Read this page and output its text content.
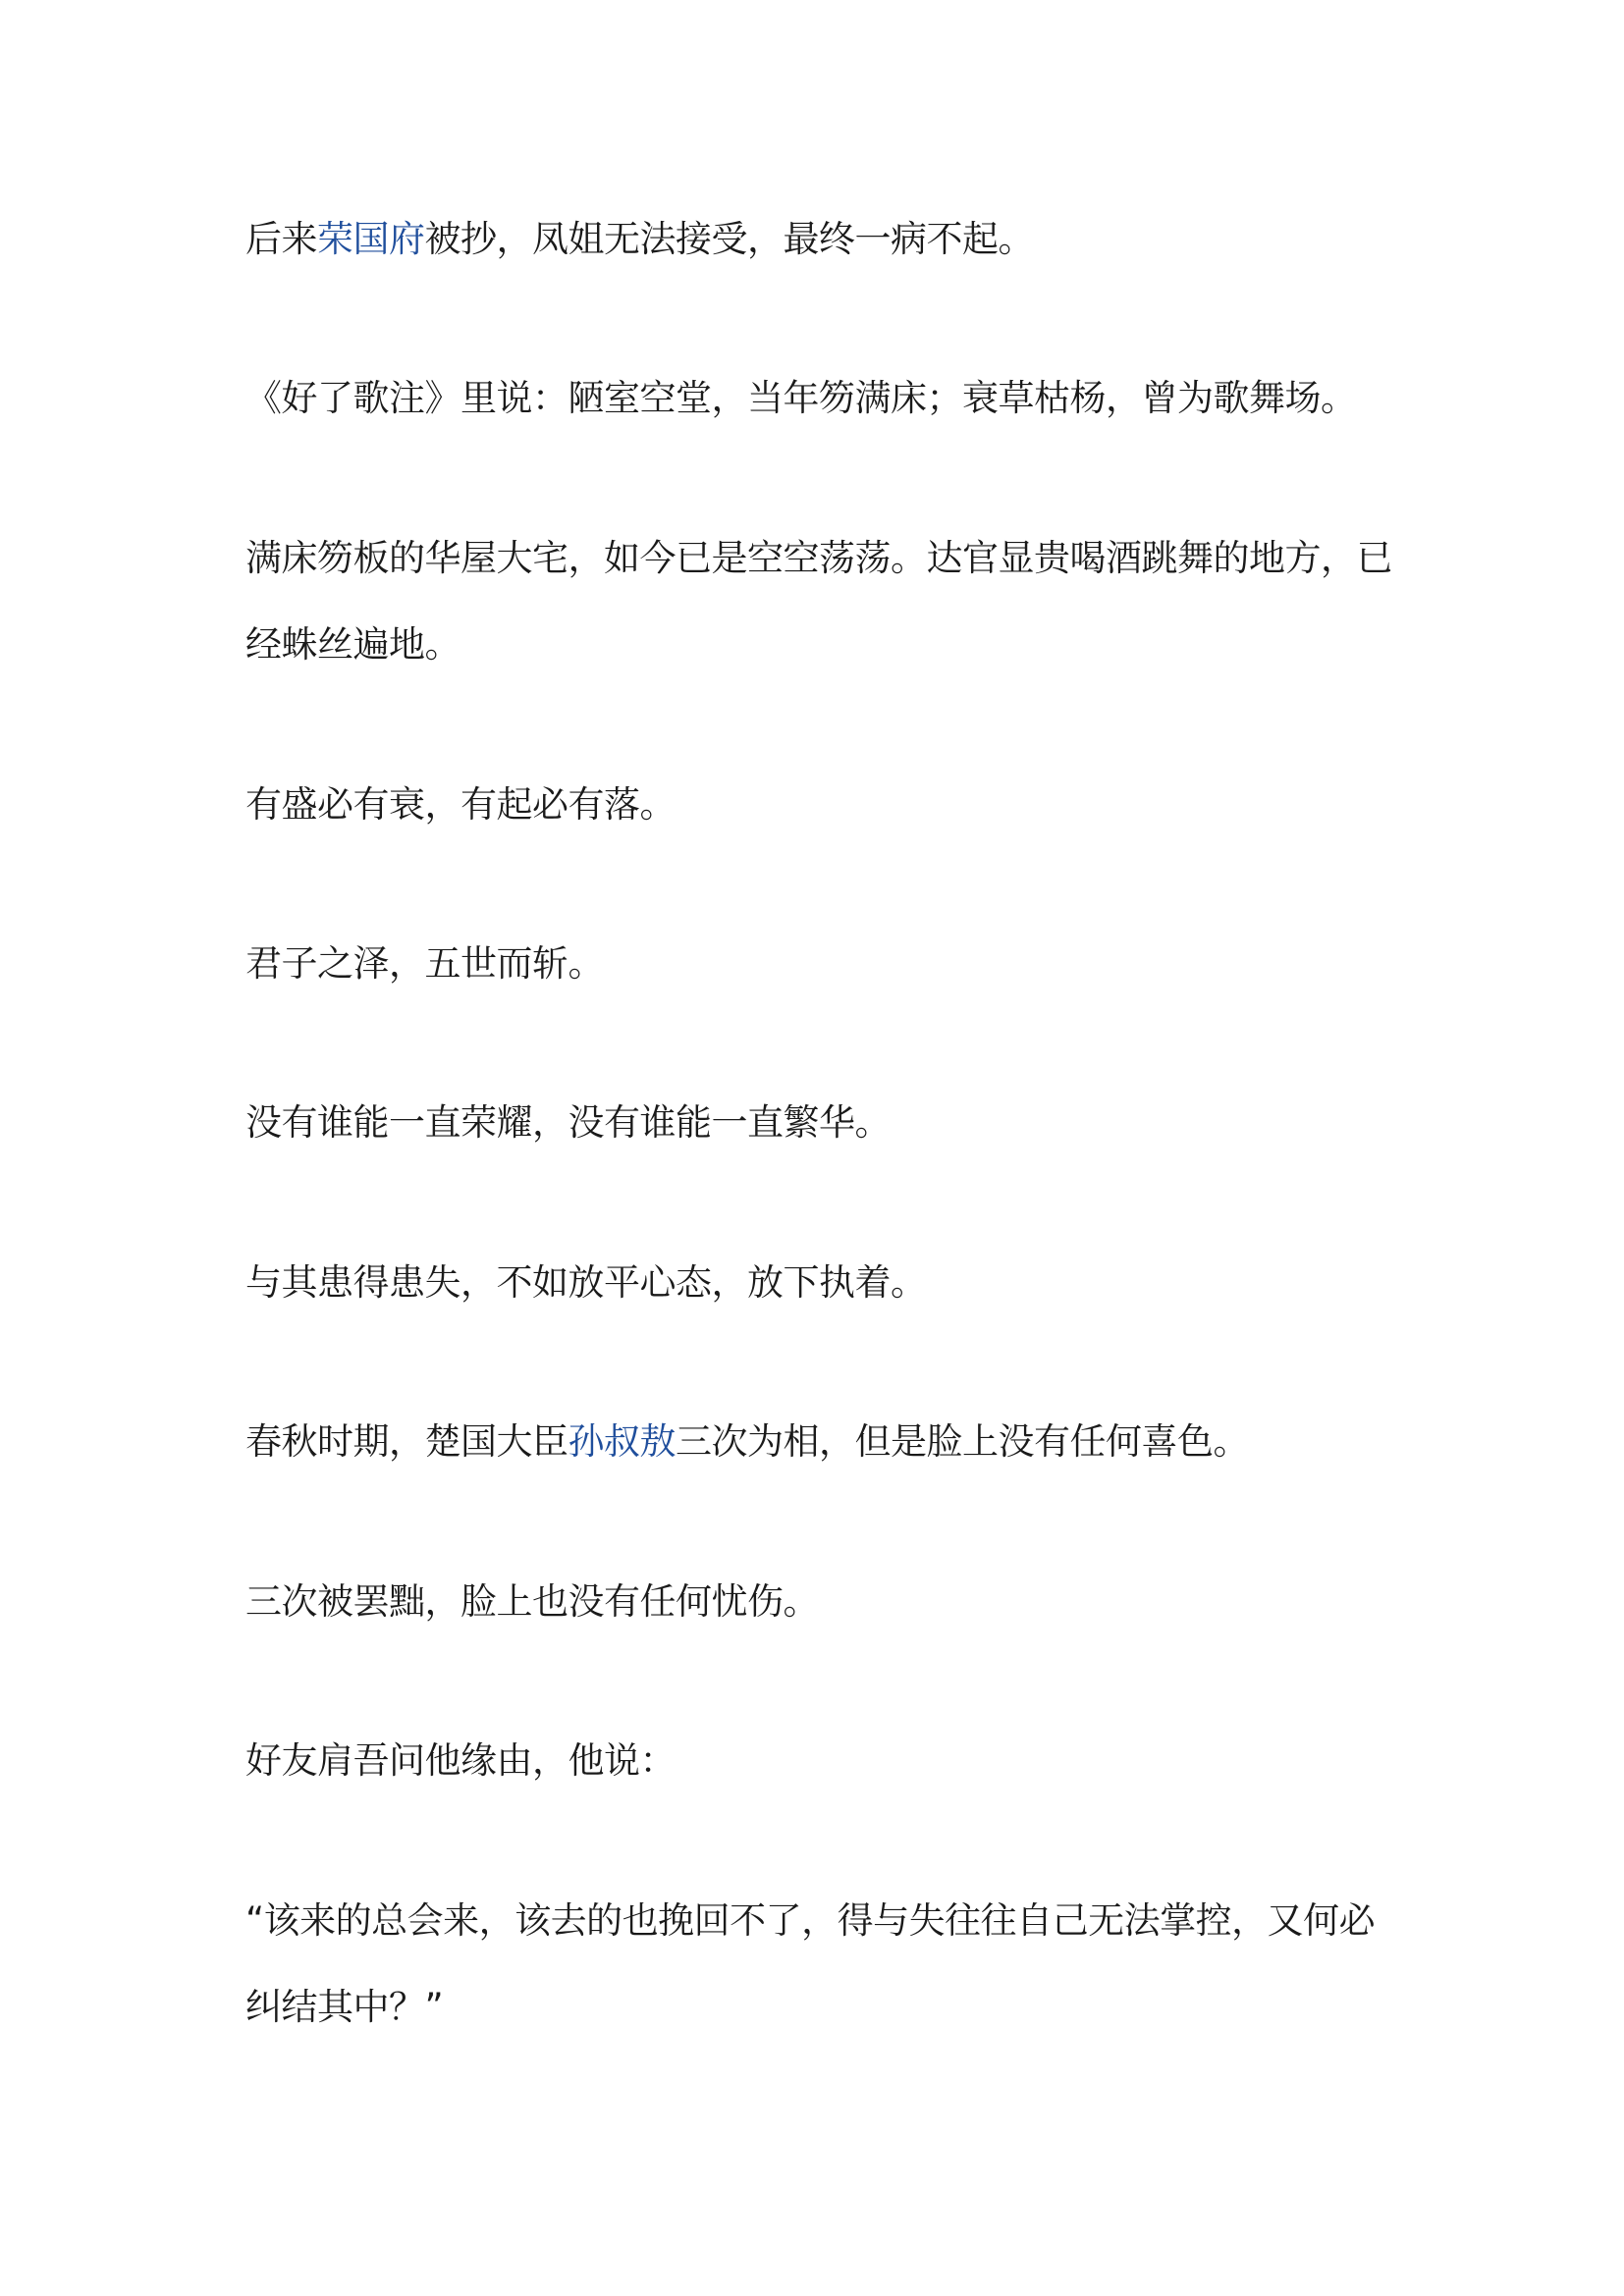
后来荣国府被抄，凤姐无法接受，最终一病不起。

《好了歌注》里说：陋室空堂，当年笏满床；衰草枯杨，曾为歌舞场。

满床笏板的华屋大宅，如今已是空空荡荡。达官显贵喝酒跳舞的地方，已经蛛丝遍地。

有盛必有衰，有起必有落。

君子之泽，五世而斩。

没有谁能一直荣耀，没有谁能一直繁华。

与其患得患失，不如放平心态，放下执着。

春秋时期，楚国大臣孙叔敖三次为相，但是脸上没有任何喜色。

三次被罢黜，脸上也没有任何忧伤。

好友肩吾问他缘由，他说：

“该来的总会来，该去的也挽回不了，得与失往往自己无法掌控，又何必纠结其中？”
